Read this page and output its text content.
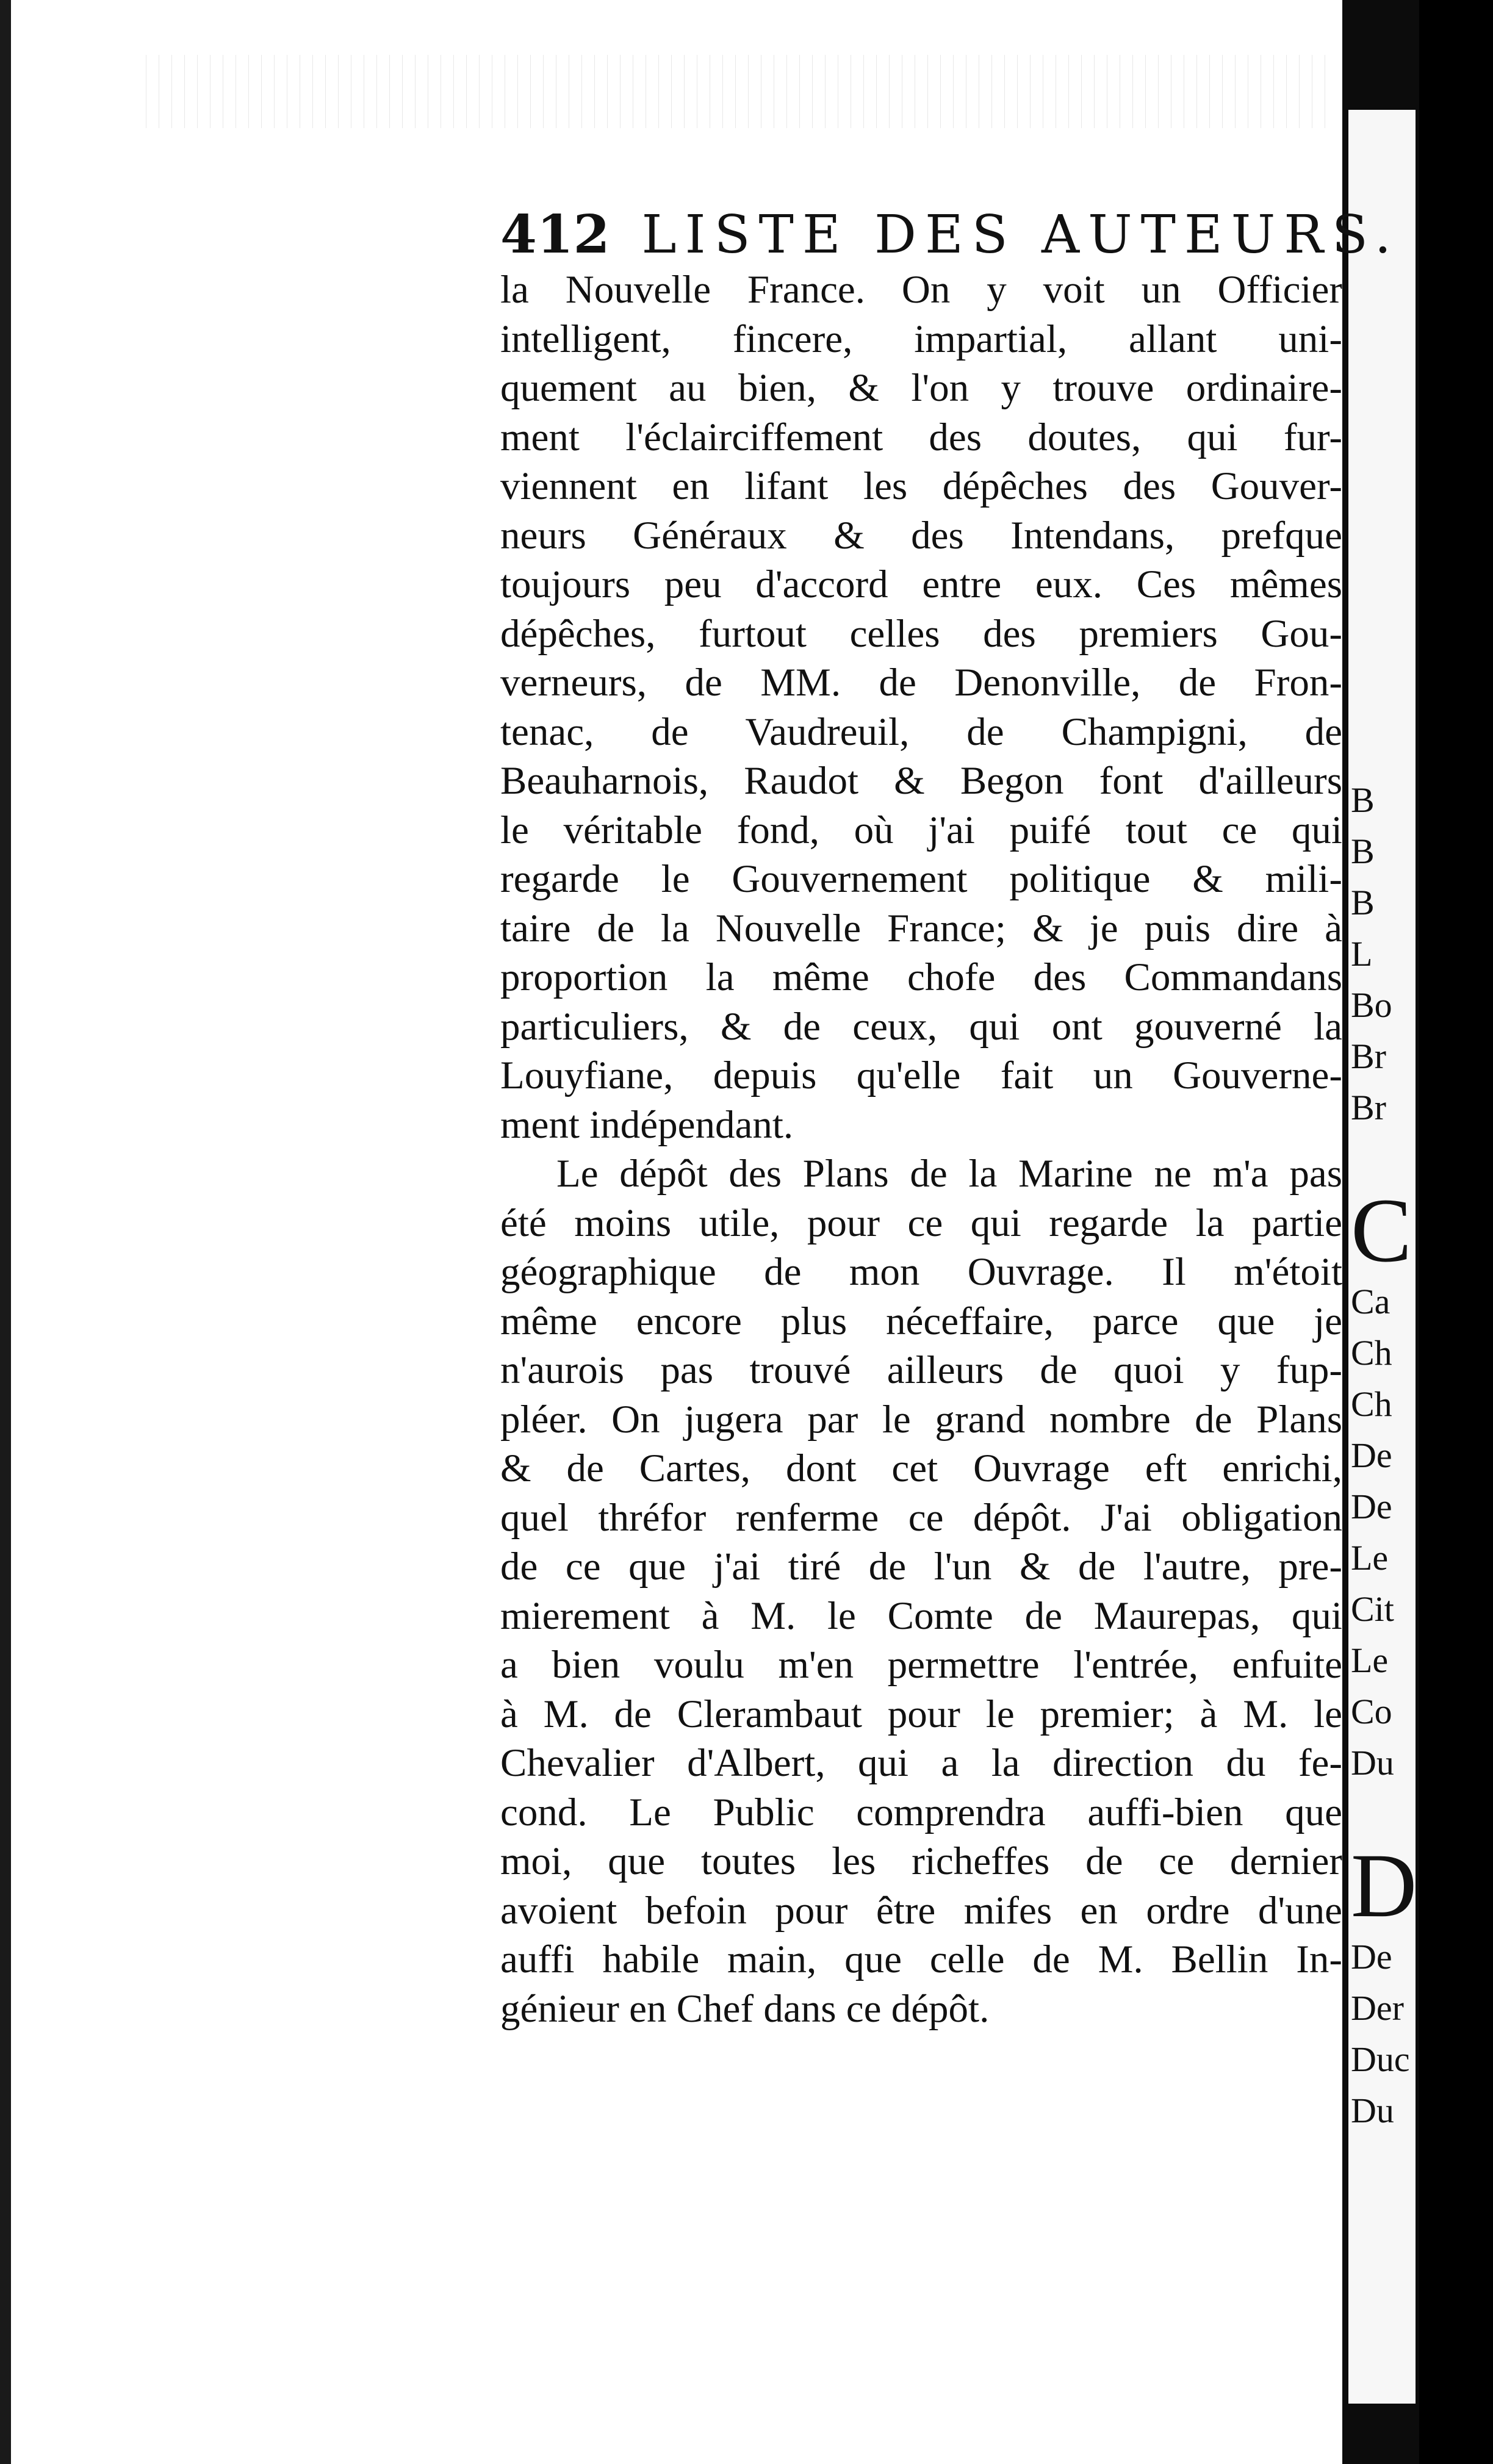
B
B
B
L
Bo
Br
Br

C
Ca
Ch
Ch
De
De
Le
Cit
Le
Co
Du

D
De
Der
Duc
Du
412 LISTE DES AUTEURS.
la Nouvelle France. On y voit un Officier
intelligent, fincere, impartial, allant uni-
quement au bien, & l'on y trouve ordinaire-
ment l'éclairciffement des doutes, qui fur-
viennent en lifant les dépêches des Gouver-
neurs Généraux & des Intendans, prefque
toujours peu d'accord entre eux. Ces mêmes
dépêches, furtout celles des premiers Gou-
verneurs, de MM. de Denonville, de Fron-
tenac, de Vaudreuil, de Champigni, de
Beauharnois, Raudot & Begon font d'ailleurs
le véritable fond, où j'ai puifé tout ce qui
regarde le Gouvernement politique & mili-
taire de la Nouvelle France; & je puis dire à
proportion la même chofe des Commandans
particuliers, & de ceux, qui ont gouverné la
Louyfiane, depuis qu'elle fait un Gouverne-
ment indépendant.
Le dépôt des Plans de la Marine ne m'a pas
été moins utile, pour ce qui regarde la partie
géographique de mon Ouvrage. Il m'étoit
même encore plus néceffaire, parce que je
n'aurois pas trouvé ailleurs de quoi y fup-
pléer. On jugera par le grand nombre de Plans
& de Cartes, dont cet Ouvrage eft enrichi,
quel thréfor renferme ce dépôt. J'ai obligation
de ce que j'ai tiré de l'un & de l'autre, pre-
mierement à M. le Comte de Maurepas, qui
a bien voulu m'en permettre l'entrée, enfuite
à M. de Clerambaut pour le premier; à M. le
Chevalier d'Albert, qui a la direction du fe-
cond. Le Public comprendra auffi-bien que
moi, que toutes les richeffes de ce dernier
avoient befoin pour être mifes en ordre d'une
auffi habile main, que celle de M. Bellin In-
génieur en Chef dans ce dépôt.
